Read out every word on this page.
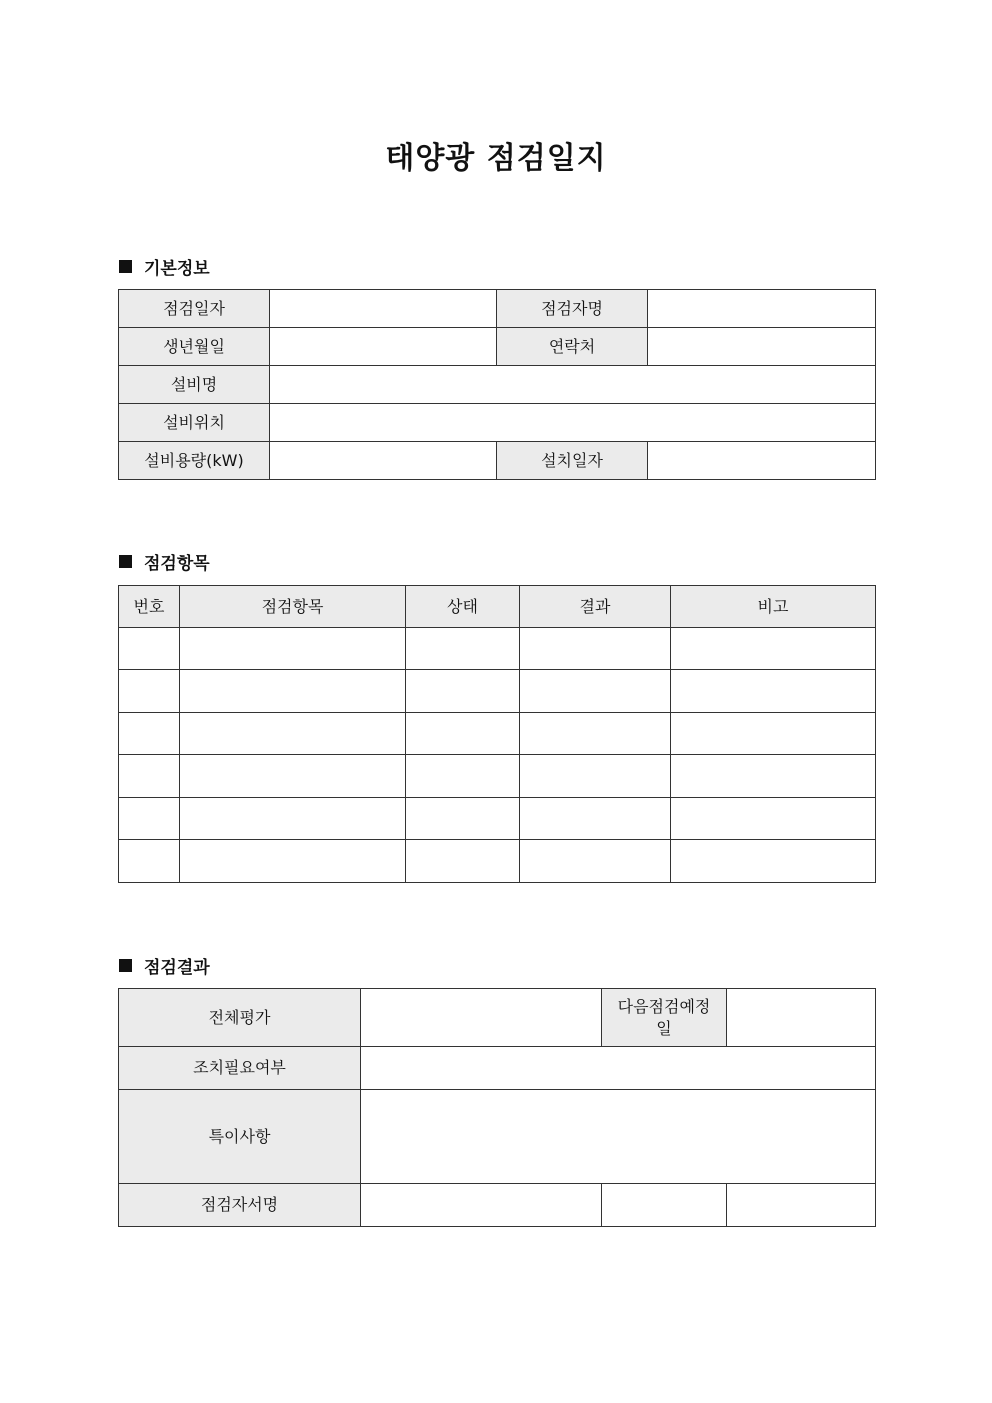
태양광 점검일지
기본정보
점검일자		점검자명	
생년월일		연락처	
설비명			
설비위치			
설비용량(kW)		설치일자	
점검항목
번호	점검항목	상태	결과	비고

점검결과
전체평가		다음점검예정일	
조치필요여부			
특이사항			
점검자서명			
